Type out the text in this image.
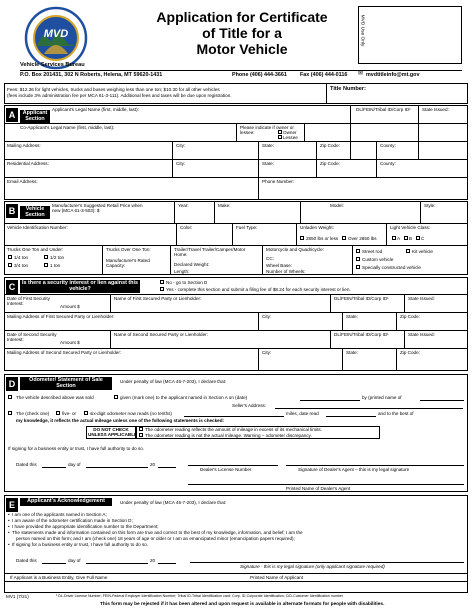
MVD
Application for Certificate
of Title for a
Motor Vehicle
MVD Use Only
Vehicle Services Bureau
P.O. Box 201431, 302 N Roberts, Helena, MT 59620-1431	Phone (406) 444-3661 Fax (406) 444-0116 ✉ mvdtitleinfo@mt.gov
Fees: $12.36 for light vehicles, trucks and buses weighing less than one ton; $10.30 for all other vehicles
(fees include 3% administration fee per MCA 61-3-111). Additional fees and taxes will be due upon registration.
Title Number:
A	Applicant Section
Applicant's Legal Name (first, middle, last):	DL/FEIN/Tribal ID/Corp ID¹ State Issued:
Co-Applicant's Legal Name (first, middle, last):	Please indicate if owner or lessee:	Owner
Lessee
Mailing Address:	City:	State:	Zip Code:	County:
Residential Address:	City:	State:	Zip Code:	County:
Email Address:	Phone Number:
B	Vehicle Section
Manufacturer's Suggested Retail Price when new (MCA 61-3-503): $
Year:	Make:	Model:	Style:
Vehicle Identification Number:	Color:	Fuel Type:	Unladen Weight:
2850 lbs or less Over 2850 lbs
Light Vehicle Class:
A B C
Trucks One Ton and Under:
1/4 ton	1/2 ton
3/4 ton	1 ton
Trucks Over One Ton:
Manufacturer's Rated Capacity:
Trailer/Travel Trailer/Camper/Motor Home:
Declared Weight:
Length:
Motorcycle and Quadricycle:
CC:
Wheel Base:
Number of Wheels:
Street rod	Kit vehicle
Custom vehicle
Specially constructed vehicle
C	Is there a security interest or lien against this vehicle?
No - go to Section D
Yes - complete this section and submit a filing fee of $8.24 for each security interest or lien.
Date of First Security Interest:
Amount $
Name of First Secured Party or Lienholder:	DL/FEIN/Tribal ID/Corp ID¹	State Issued:
Mailing Address of First Secured Party or Lienholder:	City:	State:	Zip Code:
Date of Second Security Interest:
Amount $
Name of Second Secured Party or Lienholder:	DL/FEIN/Tribal ID/Corp ID¹	State Issued:
Mailing Address of Second Secured Party or Lienholder:	City:	State:	Zip Code:
D	Odometer/ Statement of Sale Section
Under penalty of law (MCA 45-7-203), I declare that:
The vehicle described above was sold	given (mark one) to the applicant named in Section A on (date)	by (printed name of
Seller's Address:
The (check one)	five- or	six-digit odometer now reads (no tenths)	miles, date read	and to the best of
my knowledge, it reflects the actual mileage unless one of the following statements is checked:
DO NOT CHECK
UNLESS APPLICABLE
The odometer reading reflects the amount of mileage in excess of its mechanical limits.
The odometer reading is not the actual mileage. Warning – odometer discrepancy.
If signing for a business entity or trust, I have full authority to do so.
Dated this	day of	20
Dealer's License Number	Signature of Dealer's Agent – this is my legal signature
Printed Name of Dealer's Agent
E	Applicant's Acknowledgement	Under penalty of law (MCA 45-7-203), I declare that:
I am one of the applicants named in Section A;
I am aware of the odometer certification made in Section D;
I have provided the appropriate identification number to the Department;
The statements made and information contained on this form are true and correct to the best of my knowledge, information, and belief; I am the
person named on this form; and I am (check one) 18 years of age or older or I am an emancipated minor (emancipation papers required);
If signing for a business entity or trust, I have full authority to do so.
•
•
•
•

•
Dated this	day of	20
Signature - this is my legal signature (only applicant signature required)
If Applicant is a Business Entity, Give Full Name	Printed Name of Applicant
MV1 (7/21)	¹ DL-Driver License Number; FEIN-Federal Employer Identification Number; Tribal ID-Tribal Identification card; Corp. ID-Corporate Identification; CID-Customer Identification number
This form may be rejected if it has been altered and upon request is available in alternate formats for people with disabilities.
